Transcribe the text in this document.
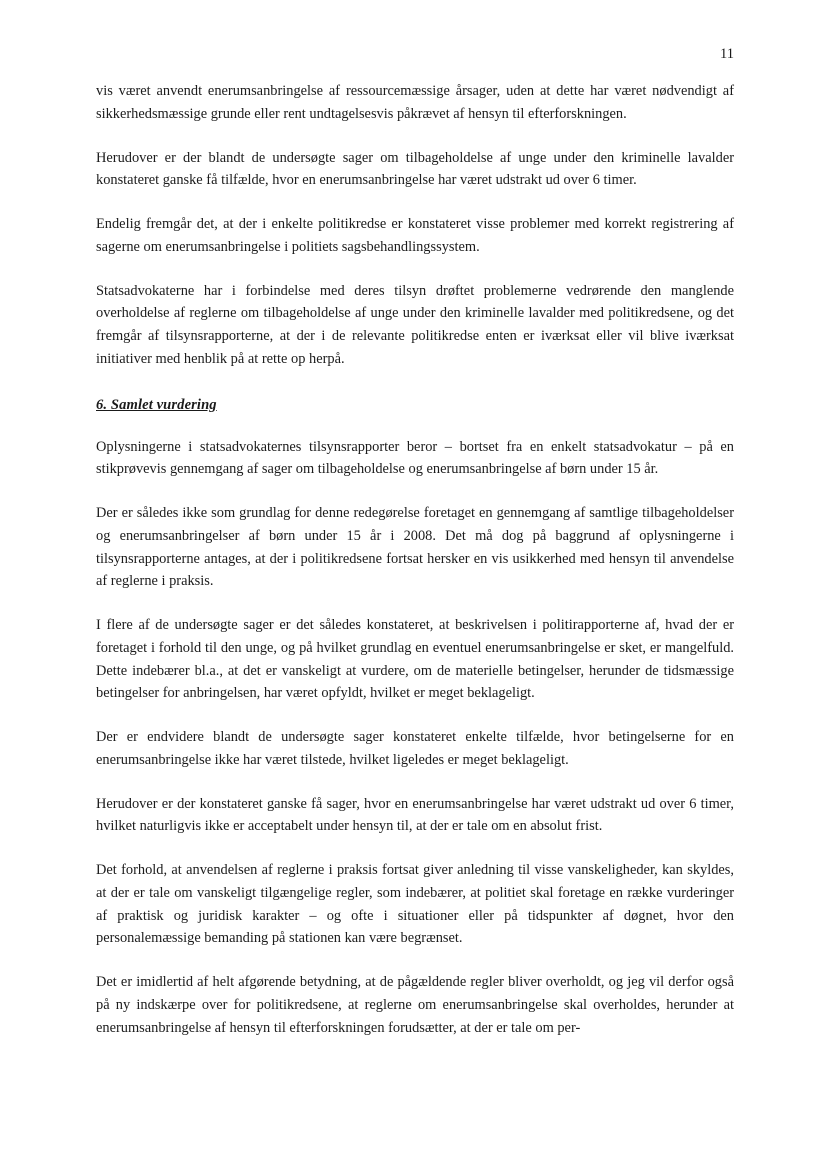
11

vis været anvendt enerumsanbringelse af ressourcemæssige årsager, uden at dette har været nødvendigt af sikkerhedsmæssige grunde eller rent undtagelsesvis påkrævet af hensyn til efterforskningen.

Herudover er der blandt de undersøgte sager om tilbageholdelse af unge under den kriminelle lavalder konstateret ganske få tilfælde, hvor en enerumsanbringelse har været udstrakt ud over 6 timer.

Endelig fremgår det, at der i enkelte politikredse er konstateret visse problemer med korrekt registrering af sagerne om enerumsanbringelse i politiets sagsbehandlingssystem.

Statsadvokaterne har i forbindelse med deres tilsyn drøftet problemerne vedrørende den manglende overholdelse af reglerne om tilbageholdelse af unge under den kriminelle lavalder med politikredsene, og det fremgår af tilsynsrapporterne, at der i de relevante politikredse enten er iværksat eller vil blive iværksat initiativer med henblik på at rette op herpå.

6. Samlet vurdering

Oplysningerne i statsadvokaternes tilsynsrapporter beror – bortset fra en enkelt statsadvokatur – på en stikprøvevis gennemgang af sager om tilbageholdelse og enerumsanbringelse af børn under 15 år.

Der er således ikke som grundlag for denne redegørelse foretaget en gennemgang af samtlige tilbageholdelser og enerumsanbringelser af børn under 15 år i 2008. Det må dog på baggrund af oplysningerne i tilsynsrapporterne antages, at der i politikredsene fortsat hersker en vis usikkerhed med hensyn til anvendelse af reglerne i praksis.

I flere af de undersøgte sager er det således konstateret, at beskrivelsen i politirapporterne af, hvad der er foretaget i forhold til den unge, og på hvilket grundlag en eventuel enerumsanbringelse er sket, er mangelfuld. Dette indebærer bl.a., at det er vanskeligt at vurdere, om de materielle betingelser, herunder de tidsmæssige betingelser for anbringelsen, har været opfyldt, hvilket er meget beklageligt.

Der er endvidere blandt de undersøgte sager konstateret enkelte tilfælde, hvor betingelserne for en enerumsanbringelse ikke har været tilstede, hvilket ligeledes er meget beklageligt.

Herudover er der konstateret ganske få sager, hvor en enerumsanbringelse har været udstrakt ud over 6 timer, hvilket naturligvis ikke er acceptabelt under hensyn til, at der er tale om en absolut frist.

Det forhold, at anvendelsen af reglerne i praksis fortsat giver anledning til visse vanskeligheder, kan skyldes, at der er tale om vanskeligt tilgængelige regler, som indebærer, at politiet skal foretage en række vurderinger af praktisk og juridisk karakter – og ofte i situationer eller på tidspunkter af døgnet, hvor den personalemæssige bemanding på stationen kan være begrænset.

Det er imidlertid af helt afgørende betydning, at de pågældende regler bliver overholdt, og jeg vil derfor også på ny indskærpe over for politikredsene, at reglerne om enerumsanbringelse skal overholdes, herunder at enerumsanbringelse af hensyn til efterforskningen forudsætter, at der er tale om per-
